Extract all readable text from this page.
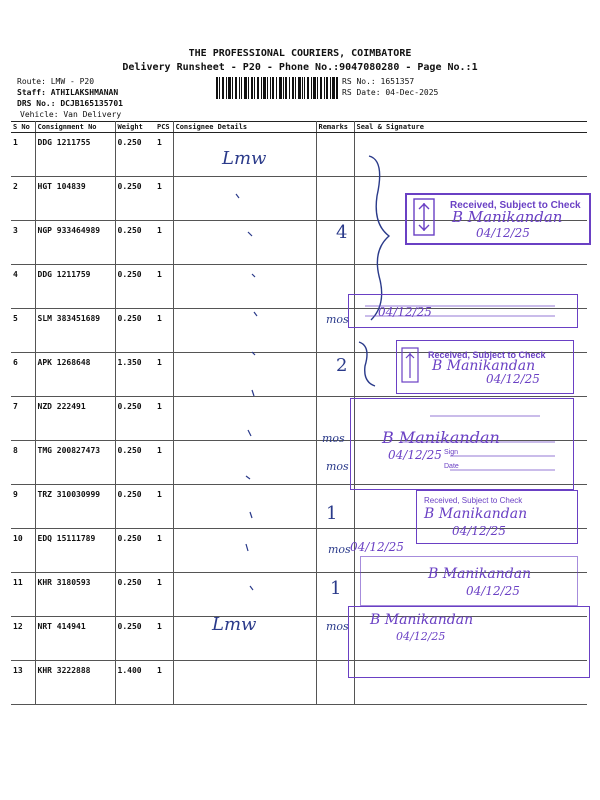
THE PROFESSIONAL COURIERS, COIMBATORE
Delivery Runsheet - P20 - Phone No.:9047080280 - Page No.:1
Route: LMW - P20
Staff: ATHILAKSHMANAN
DRS No.: DCJB165135701
Vehicle: Van Delivery
RS No.: 1651357
RS Date: 04-Dec-2025
S No	Consignment No	Weight	PCS	Consignee Details	Remarks	Seal & Signature
1	DDG 1211755	0.250	1			
2	HGT 104839	0.250	1			
3	NGP 933464989	0.250	1			
4	DDG 1211759	0.250	1			
5	SLM 383451689	0.250	1			
6	APK 1268648	1.350	1			
7	NZD 222491	0.250	1			
8	TMG 200827473	0.250	1			
9	TRZ 310030999	0.250	1			
10	EDQ 15111789	0.250	1			
11	KHR 3180593	0.250	1			
12	NRT 414941	0.250	1			
13	KHR 3222888	1.400	1			
Lmw
Lmw
4
2
1
1
mos
mos
mos
mos
mos
Received, Subject to Check
B Manikandan
04/12/25
04/12/25
Received, Subject to Check
B Manikandan
04/12/25
Sign
Date
B Manikandan
04/12/25
Received, Subject to Check
B Manikandan
04/12/25
04/12/25
B Manikandan
04/12/25
B Manikandan
04/12/25
